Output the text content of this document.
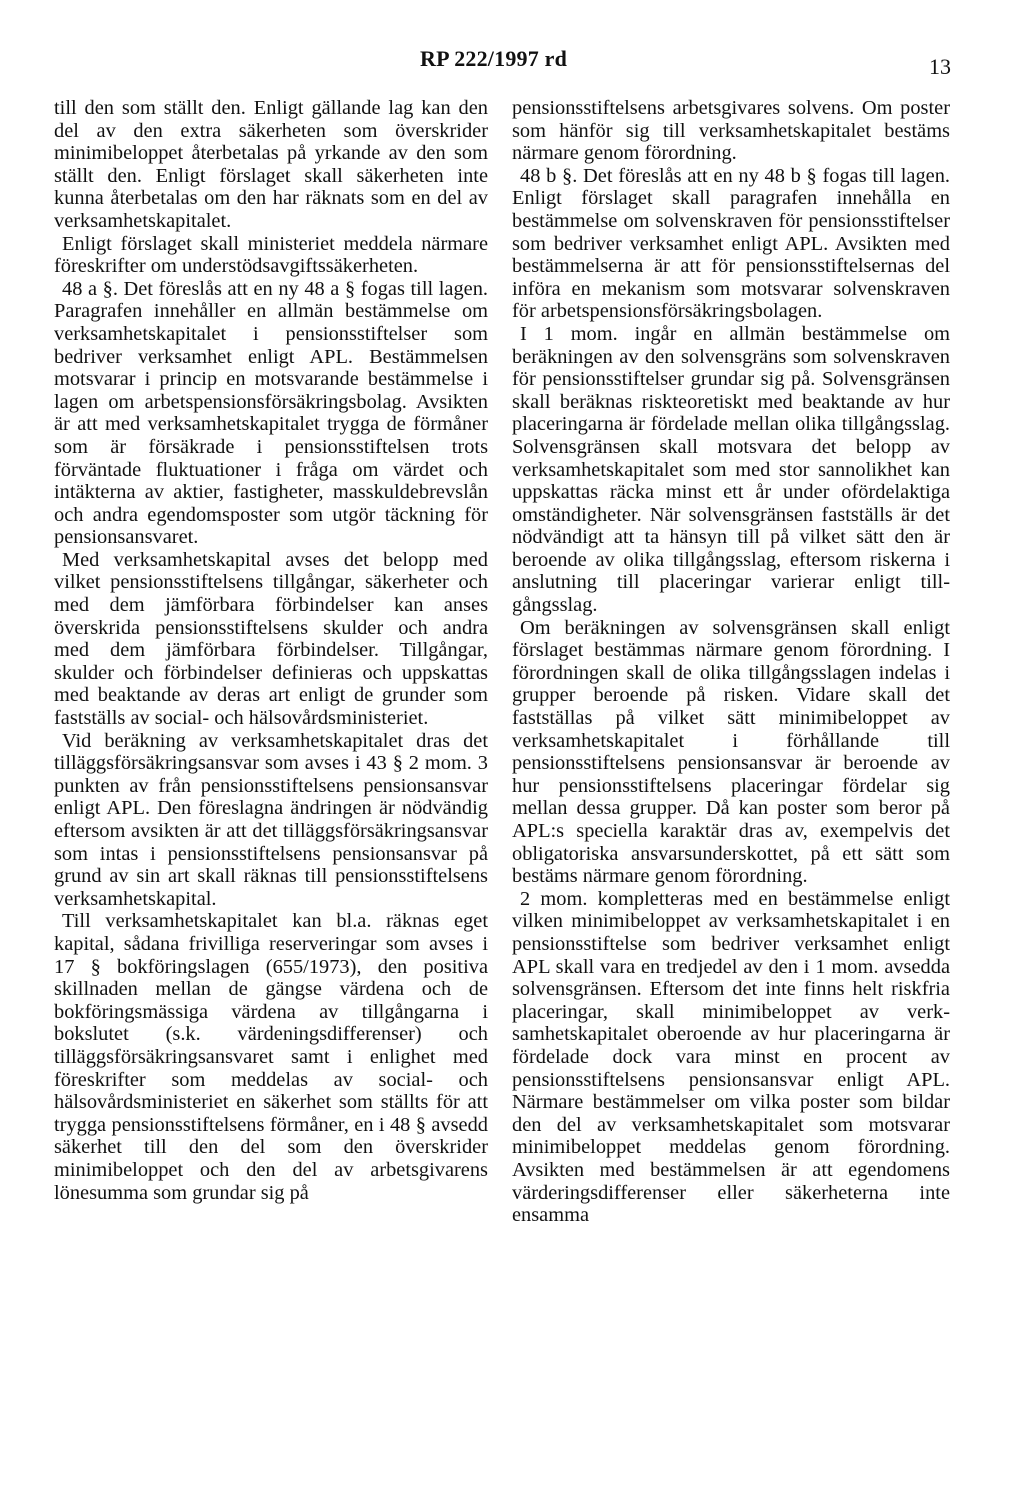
RP 222/1997 rd	13

till den som ställt den. Enligt gällande lag kan den del av den extra säkerheten som överskrider minimibeloppet återbetalas på yrkande av den som ställt den. Enligt förslaget skall säkerheten inte kunna återbetalas om den har räknats som en del av verksamhetskapitalet.

Enligt förslaget skall ministeriet meddela närmare föreskrifter om understödsavgiftssäkerheten.

48 a §. Det föreslås att en ny 48 a § fogas till lagen. Paragrafen innehåller en allmän bestämmelse om verksamhetskapitalet i pensionsstiftelser som bedriver verksamhet enligt APL. Bestämmelsen motsvarar i princip en motsvarande bestämmelse i lagen om arbetspensionsförsäkringsbolag. Avsikten är att med verksamhetskapitalet trygga de förmåner som är försäkrade i pensionsstiftelsen trots förväntade fluktuationer i fråga om värdet och intäkterna av aktier, fastigheter, masskuldebrevslån och andra egendomsposter som utgör täckning för pensionsansvaret.

Med verksamhetskapital avses det belopp med vilket pensionsstiftelsens tillgångar, säkerheter och med dem jämförbara förbindelser kan anses överskrida pensionsstiftelsens skulder och andra med dem jämförbara förbindelser. Tillgångar, skulder och förbindelser definieras och uppskattas med beaktande av deras art enligt de grunder som fastställs av social- och hälsovårdsministeriet.

Vid beräkning av verksamhetskapitalet dras det tilläggsförsäkringsansvar som avses i 43 § 2 mom. 3 punkten av från pensionsstiftelsens pensionsansvar enligt APL. Den föreslagna ändringen är nödvändig eftersom avsikten är att det tilläggsförsäkringsansvar som intas i pensionsstiftelsens pensionsansvar på grund av sin art skall räknas till pensionsstiftelsens verksamhetskapital.

Till verksamhetskapitalet kan bl.a. räknas eget kapital, sådana frivilliga reserveringar som avses i 17 § bokföringslagen (655/1973), den positiva skillnaden mellan de gängse värdena och de bokföringsmässiga värdena av tillgångarna i bokslutet (s.k. värdeningsdifferenser) och tilläggsförsäkringsansvaret samt i enlighet med föreskrifter som meddelas av social- och hälsovårdsministeriet en säkerhet som ställts för att trygga pensionsstiftelsens förmåner, en i 48 § avsedd säkerhet till den del som den överskrider minimibeloppet och den del av arbetsgivarens lönesumma som grundar sig på

pensionsstiftelsens arbetsgivares solvens. Om poster som hänför sig till verksamhetskapitalet bestäms närmare genom förordning.

48 b §. Det föreslås att en ny 48 b § fogas till lagen. Enligt förslaget skall paragrafen innehålla en bestämmelse om solvenskraven för pensionsstiftelser som bedriver verksamhet enligt APL. Avsikten med bestämmelserna är att för pensionsstiftelsernas del införa en mekanism som motsvarar solvenskraven för arbetspensionsförsäkringsbolagen.

I 1 mom. ingår en allmän bestämmelse om beräkningen av den solvensgräns som solvenskraven för pensionsstiftelser grundar sig på. Solvensgränsen skall beräknas riskteoretiskt med beaktande av hur placeringarna är fördelade mellan olika tillgångsslag. Solvensgränsen skall motsvara det belopp av verksamhetskapitalet som med stor sannolikhet kan uppskattas räcka minst ett år under ofördelaktiga omständigheter. När solvensgränsen fastställs är det nödvändigt att ta hänsyn till på vilket sätt den är beroende av olika tillgångsslag, eftersom riskerna i anslutning till placeringar varierar enligt tillgångsslag.

Om beräkningen av solvensgränsen skall enligt förslaget bestämmas närmare genom förordning. I förordningen skall de olika tillgångsslagen indelas i grupper beroende på risken. Vidare skall det fastställas på vilket sätt minimibeloppet av verksamhetskapitalet i förhållande till pensionsstiftelsens pensionsansvar är beroende av hur pensionsstiftelsens placeringar fördelar sig mellan dessa grupper. Då kan poster som beror på APL:s speciella karaktär dras av, exempelvis det obligatoriska ansvarsunderskottet, på ett sätt som bestäms närmare genom förordning.

2 mom. kompletteras med en bestämmelse enligt vilken minimibeloppet av verksamhetskapitalet i en pensionsstiftelse som bedriver verksamhet enligt APL skall vara en tredjedel av den i 1 mom. avsedda solvensgränsen. Eftersom det inte finns helt riskfria placeringar, skall minimibeloppet av verksamhetskapitalet oberoende av hur placeringarna är fördelade dock vara minst en procent av pensionsstiftelsens pensionsansvar enligt APL. Närmare bestämmelser om vilka poster som bildar den del av verksamhetskapitalet som motsvarar minimibeloppet meddelas genom förordning. Avsikten med bestämmelsen är att egendomens värderingsdifferenser eller säkerheterna inte ensamma
